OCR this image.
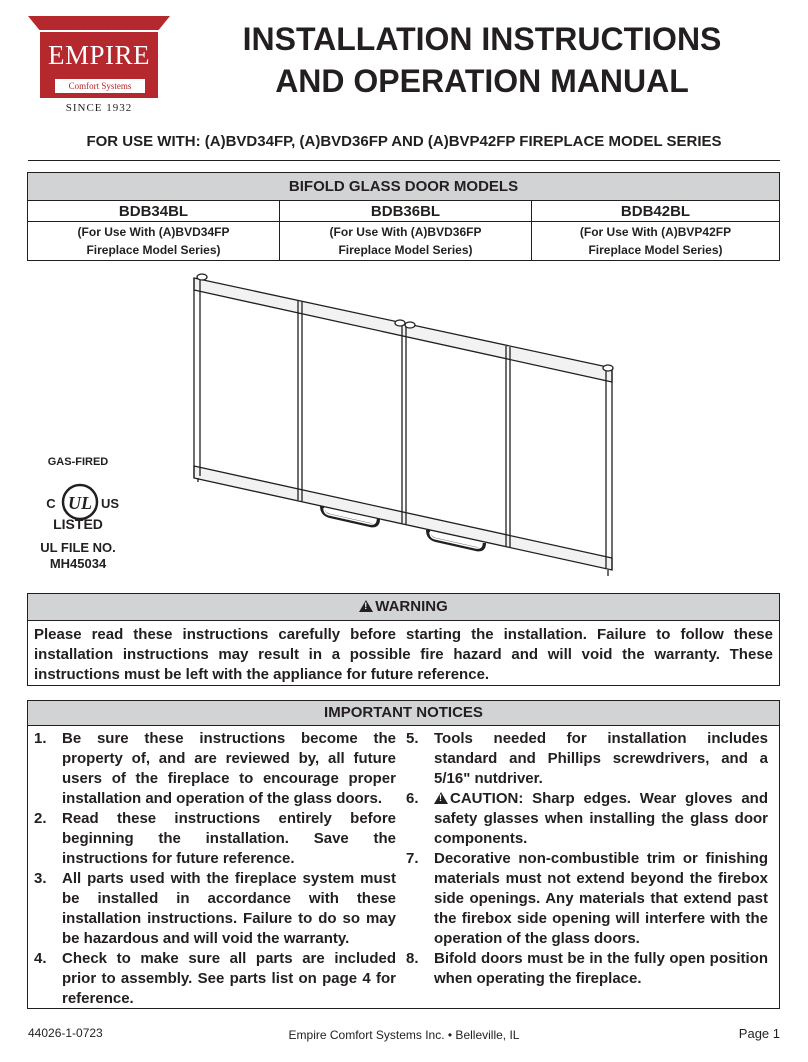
EMPIRE
Comfort Systems
SINCE 1932
INSTALLATION INSTRUCTIONS
AND OPERATION MANUAL

FOR USE WITH: (A)BVD34FP, (A)BVD36FP AND (A)BVP42FP FIREPLACE MODEL SERIES

BIFOLD GLASS DOOR MODELS		
BDB34BL	BDB36BL	BDB42BL
(For Use With (A)BVD34FP
Fireplace Model Series)	(For Use With (A)BVD36FP
Fireplace Model Series)	(For Use With (A)BVP42FP
Fireplace Model Series)
GAS-FIRED
UL
C	US
LISTED
UL FILE NO.
MH45034
!WARNING
Please read these instructions carefully before starting the installation. Failure to follow these installation instructions may result in a possible fire hazard and will void the warranty. These instructions must be left with the appliance for future reference.
IMPORTANT NOTICES
1.	Be sure these instructions become the property of, and are reviewed by, all future users of the fireplace to encourage proper installation and operation of the glass doors.
2.	Read these instructions entirely before beginning the installation. Save the instructions for future reference.
3.	All parts used with the fireplace system must be installed in accordance with these installation instructions. Failure to do so may be hazardous and will void the warranty.
4.	Check to make sure all parts are included prior to assembly. See parts list on page 4 for reference.
5.	Tools needed for installation includes standard and Phillips screwdrivers, and a 5/16" nutdriver.
6. !	CAUTION: Sharp edges. Wear gloves and safety glasses when installing the glass door components.
7.	Decorative non-combustible trim or finishing materials must not extend beyond the firebox side openings. Any materials that extend past the firebox side opening will interfere with the operation of the glass doors.
8.	Bifold doors must be in the fully open position when operating the fireplace.
44026-1-0723	Empire Comfort Systems Inc. • Belleville, IL	Page 1
